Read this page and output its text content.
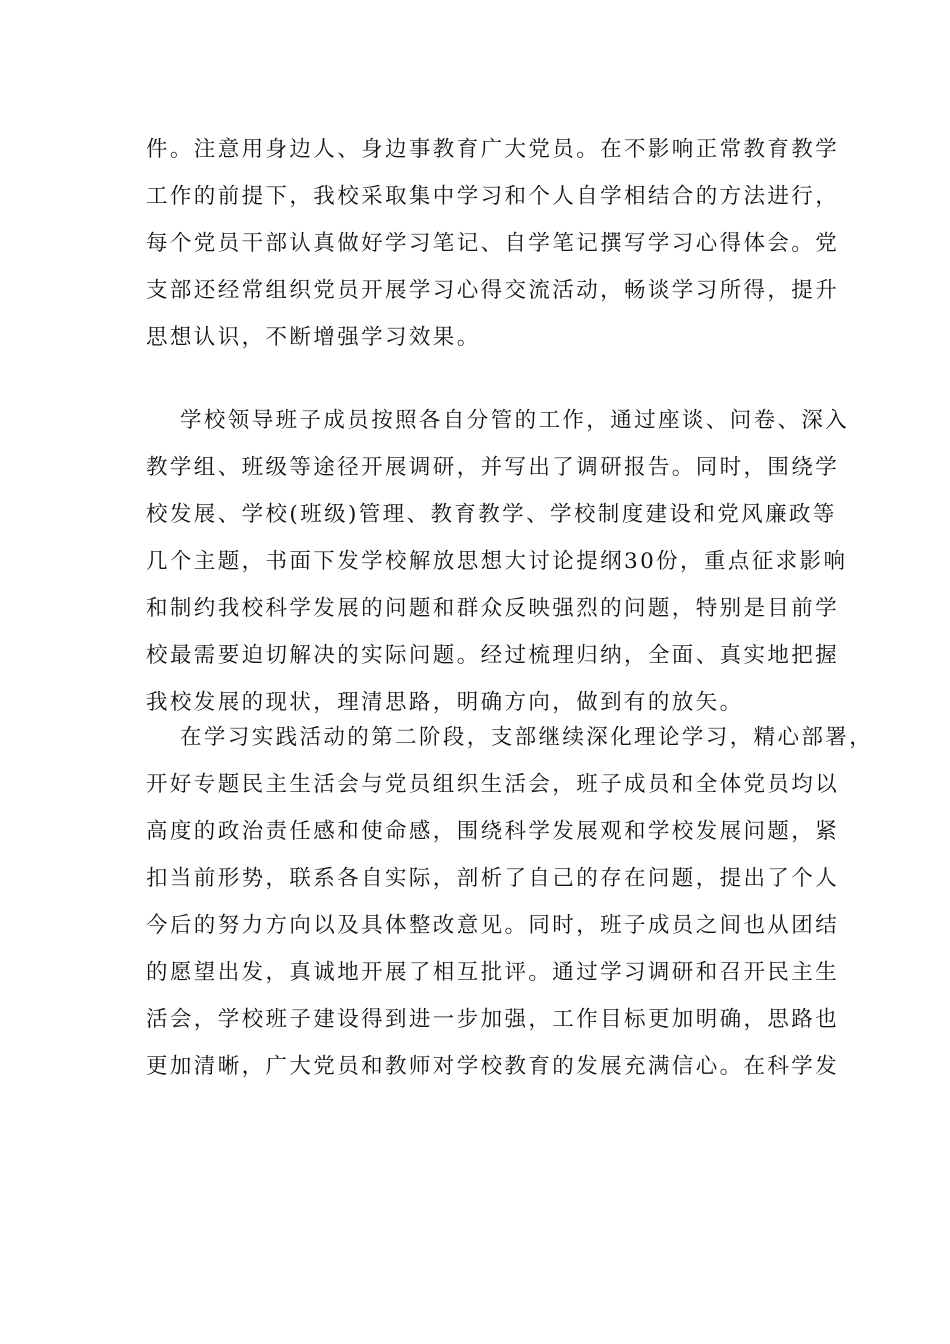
件。注意用身边人、身边事教育广大党员。在不影响正常教育教学
工作的前提下，我校采取集中学习和个人自学相结合的方法进行，
每个党员干部认真做好学习笔记、自学笔记撰写学习心得体会。党
支部还经常组织党员开展学习心得交流活动，畅谈学习所得，提升
思想认识，不断增强学习效果。
学校领导班子成员按照各自分管的工作，通过座谈、问卷、深入
教学组、班级等途径开展调研，并写出了调研报告。同时，围绕学
校发展、学校(班级)管理、教育教学、学校制度建设和党风廉政等
几个主题，书面下发学校解放思想大讨论提纲30份，重点征求影响
和制约我校科学发展的问题和群众反映强烈的问题，特别是目前学
校最需要迫切解决的实际问题。经过梳理归纳，全面、真实地把握
我校发展的现状，理清思路，明确方向，做到有的放矢。
在学习实践活动的第二阶段，支部继续深化理论学习，精心部署，
开好专题民主生活会与党员组织生活会，班子成员和全体党员均以
高度的政治责任感和使命感，围绕科学发展观和学校发展问题，紧
扣当前形势，联系各自实际，剖析了自己的存在问题，提出了个人
今后的努力方向以及具体整改意见。同时，班子成员之间也从团结
的愿望出发，真诚地开展了相互批评。通过学习调研和召开民主生
活会，学校班子建设得到进一步加强，工作目标更加明确，思路也
更加清晰，广大党员和教师对学校教育的发展充满信心。在科学发
